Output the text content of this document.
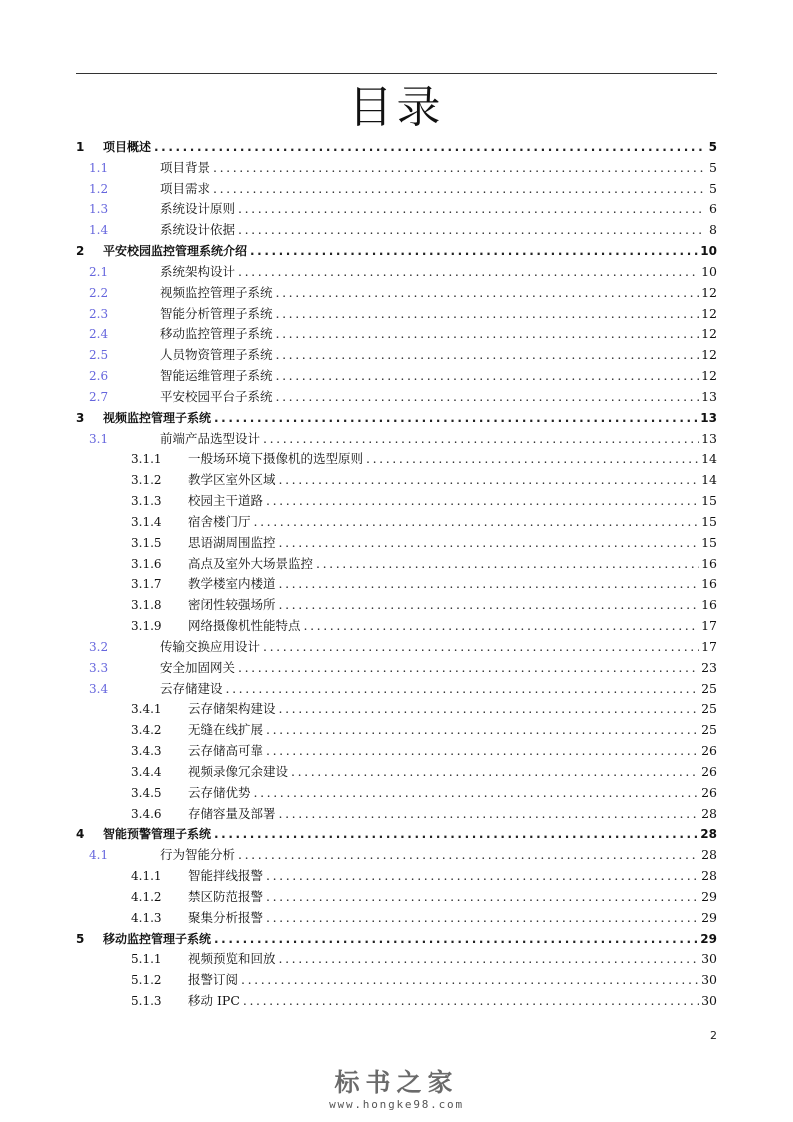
目录
1 项目概述 .....	5
1.1	项目背景 .....	5
1.2	项目需求 .....	5
1.3	系统设计原则 .....	6
1.4	系统设计依据 .....	8
2 平安校园监控管理系统介绍 .....	10
2.1	系统架构设计 .....	10
2.2	视频监控管理子系统 .....	12
2.3	智能分析管理子系统 .....	12
2.4	移动监控管理子系统 .....	12
2.5	人员物资管理子系统 .....	12
2.6	智能运维管理子系统 .....	12
2.7	平安校园平台子系统 .....	13
3 视频监控管理子系统 .....	13
3.1	前端产品选型设计 .....	13
3.1.1 一般场环境下摄像机的选型原则 .....	14
3.1.2 教学区室外区域 .....	14
3.1.3 校园主干道路 .....	15
3.1.4 宿舍楼门厅 .....	15
3.1.5 思语湖周围监控 .....	15
3.1.6 高点及室外大场景监控 .....	16
3.1.7 教学楼室内楼道 .....	16
3.1.8 密闭性较强场所 .....	16
3.1.9 网络摄像机性能特点 .....	17
3.2	传输交换应用设计 .....	17
3.3	安全加固网关 .....	23
3.4	云存储建设 .....	25
3.4.1 云存储架构建设 .....	25
3.4.2 无缝在线扩展 .....	25
3.4.3 云存储高可靠 .....	26
3.4.4 视频录像冗余建设 .....	26
3.4.5 云存储优势 .....	26
3.4.6 存储容量及部署 .....	28
4 智能预警管理子系统 .....	28
4.1	行为智能分析 .....	28
4.1.1 智能拌线报警 .....	28
4.1.2 禁区防范报警 .....	29
4.1.3 聚集分析报警 .....	29
5 移动监控管理子系统 .....	29
5.1.1 视频预览和回放 .....	30
5.1.2 报警订阅 .....	30
5.1.3 移动 IPC .....	30
2
标书之家
www.hongke98.com
